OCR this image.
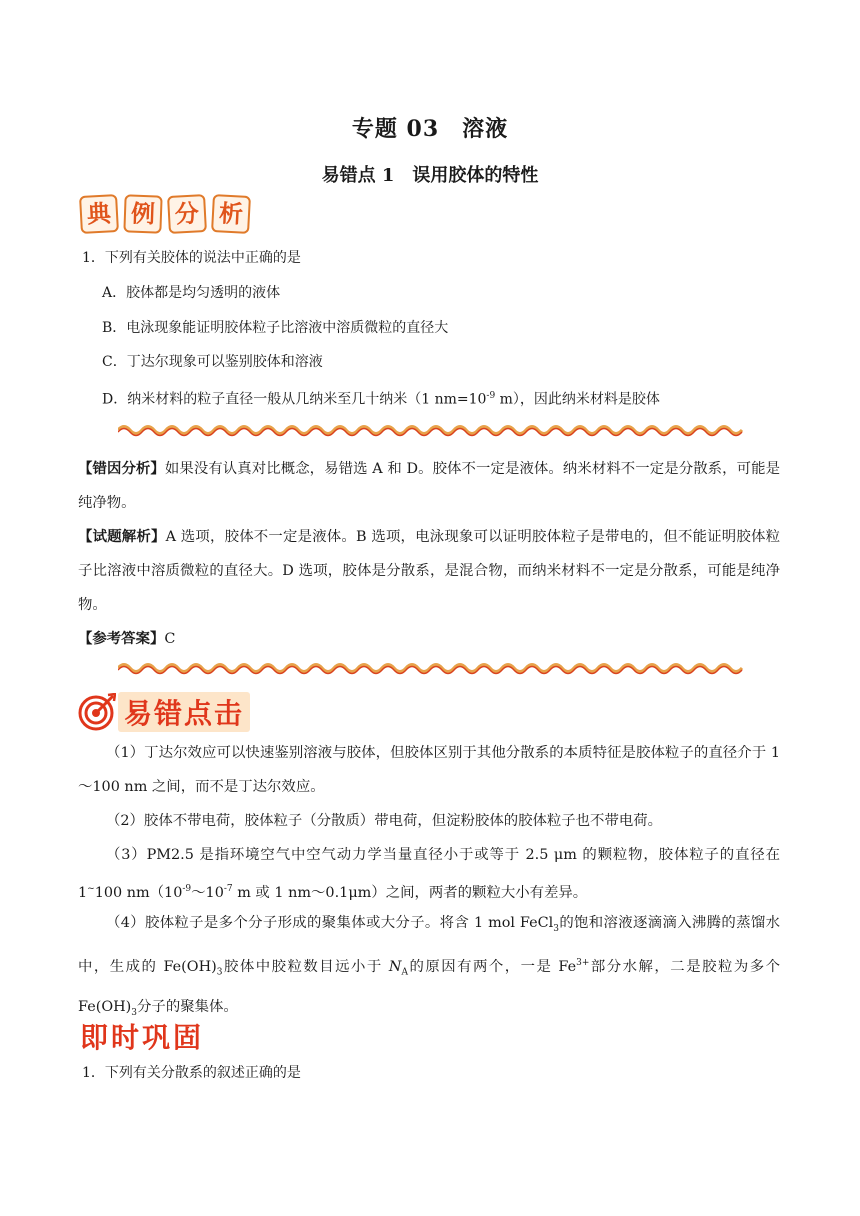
专题 03　溶液
易错点 1　误用胶体的特性
典 例 分 析
1．下列有关胶体的说法中正确的是
A．胶体都是均匀透明的液体
B．电泳现象能证明胶体粒子比溶液中溶质微粒的直径大
C．丁达尔现象可以鉴别胶体和溶液
D．纳米材料的粒子直径一般从几纳米至几十纳米（1 $nm=10^{-9}$ m），因此纳米材料是胶体
【错因分析】如果没有认真对比概念，易错选 A 和 D。胶体不一定是液体。纳米材料不一定是分散系，可能是纯净物。
【试题解析】A 选项，胶体不一定是液体。B 选项，电泳现象可以证明胶体粒子是带电的，但不能证明胶体粒子比溶液中溶质微粒的直径大。D 选项，胶体是分散系，是混合物，而纳米材料不一定是分散系，可能是纯净物。
【参考答案】C
易错点击
（1）丁达尔效应可以快速鉴别溶液与胶体，但胶体区别于其他分散系的本质特征是胶体粒子的直径介于 1～100 nm 之间，而不是丁达尔效应。
（2）胶体不带电荷，胶体粒子（分散质）带电荷，但淀粉胶体的胶体粒子也不带电荷。
（3）PM2.5 是指环境空气中空气动力学当量直径小于或等于 2.5 μm 的颗粒物，胶体粒子的直径在 1~100 $nm(10^{-9}\sim 10^{-7}$ m 或 1 nm～0.1μm）之间，两者的颗粒大小有差异。
（4）胶体粒子是多个分子形成的聚集体或大分子。将含 1 mol FeCl$_3$的饱和溶液逐滴滴入沸腾的蒸馏水中，生成的 $Fe(OH)_3$胶体中胶粒数目远小于 $N_A$的原因有两个，一是 $Fe^{3+}$部分水解，二是胶粒为多个 $Fe(OH)_3$分子的聚集体。
即时巩固
1．下列有关分散系的叙述正确的是
